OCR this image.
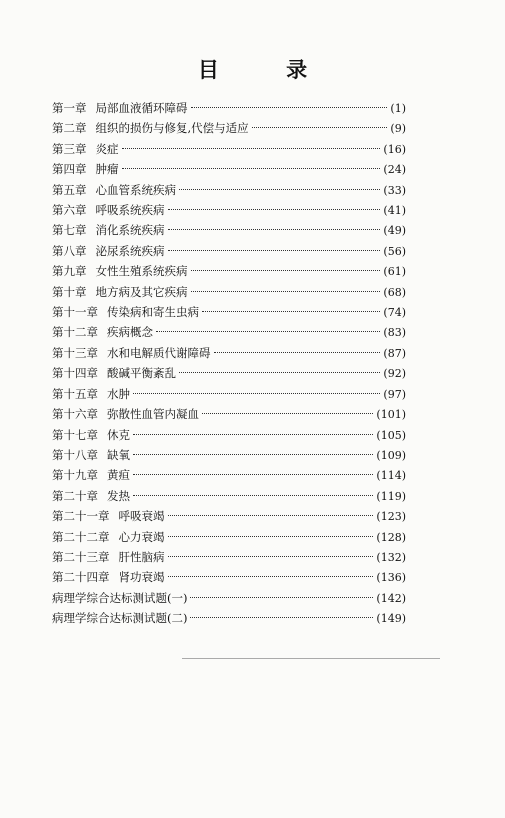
目 录
第一章 局部血液循环障碍	(1)
第二章 组织的损伤与修复,代偿与适应	(9)
第三章 炎症	(16)
第四章 肿瘤	(24)
第五章 心血管系统疾病	(33)
第六章 呼吸系统疾病	(41)
第七章 消化系统疾病	(49)
第八章 泌尿系统疾病	(56)
第九章 女性生殖系统疾病	(61)
第十章 地方病及其它疾病	(68)
第十一章 传染病和寄生虫病	(74)
第十二章 疾病概念	(83)
第十三章 水和电解质代谢障碍	(87)
第十四章 酸碱平衡紊乱	(92)
第十五章 水肿	(97)
第十六章 弥散性血管内凝血	(101)
第十七章 休克	(105)
第十八章 缺氧	(109)
第十九章 黄疸	(114)
第二十章 发热	(119)
第二十一章 呼吸衰竭	(123)
第二十二章 心力衰竭	(128)
第二十三章 肝性脑病	(132)
第二十四章 肾功衰竭	(136)
病理学综合达标测试题(一)	(142)
病理学综合达标测试题(二)	(149)
